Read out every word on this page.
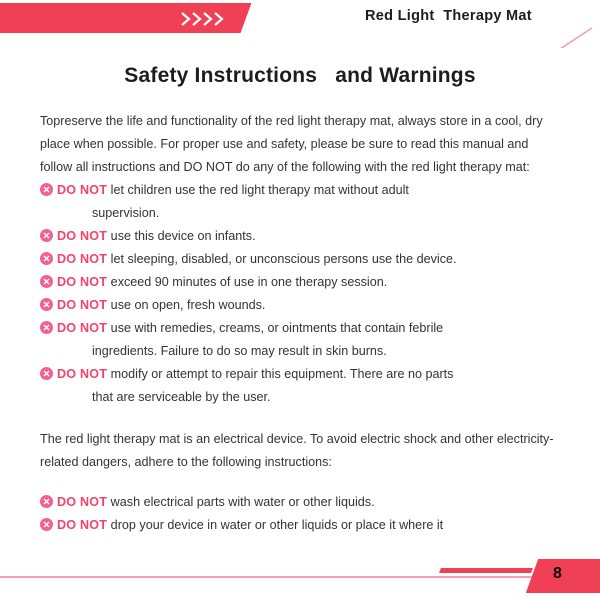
Red Light  Therapy Mat
Safety Instructions   and Warnings

Topreserve the life and functionality of the red light therapy mat, always store in a cool, dry place when possible. For proper use and safety, please be sure to read this manual and follow all instructions and DO NOT do any of the following with the red light therapy mat:

DO NOT let children use the red light therapy mat without adult
supervision.
DO NOT use this device on infants.
DO NOT let sleeping, disabled, or unconscious persons use the device.
DO NOT exceed 90 minutes of use in one therapy session.
DO NOT use on open, fresh wounds.
DO NOT use with remedies, creams, or ointments that contain febrile
ingredients. Failure to do so may result in skin burns.
DO NOT modify or attempt to repair this equipment. There are no parts
that are serviceable by the user.

The red light therapy mat is an electrical device. To avoid electric shock and other electricity-related dangers, adhere to the following instructions:

DO NOT wash electrical parts with water or other liquids.
DO NOT drop your device in water or other liquids or place it where it
8
